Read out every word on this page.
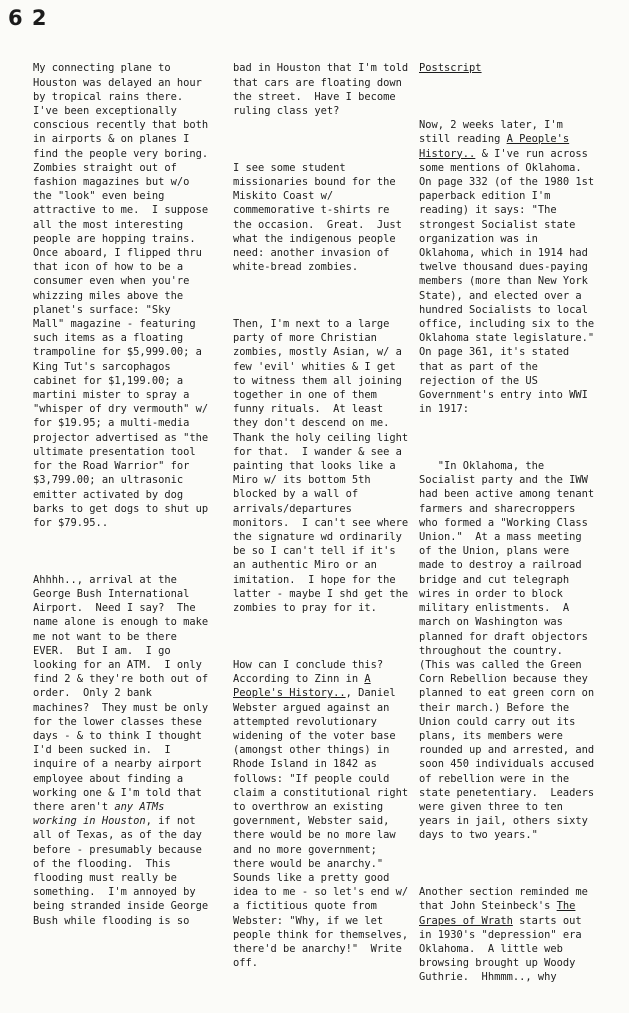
6 2

My connecting plane to
Houston was delayed an hour
by tropical rains there.
I've been exceptionally
conscious recently that both
in airports & on planes I
find the people very boring.
Zombies straight out of
fashion magazines but w/o
the "look" even being
attractive to me.  I suppose
all the most interesting
people are hopping trains.
Once aboard, I flipped thru
that icon of how to be a
consumer even when you're
whizzing miles above the
planet's surface: "Sky
Mall" magazine - featuring
such items as a floating
trampoline for $5,999.00; a
King Tut's sarcophagos
cabinet for $1,199.00; a
martini mister to spray a
"whisper of dry vermouth" w/
for $19.95; a multi-media
projector advertised as "the
ultimate presentation tool
for the Road Warrior" for
$3,799.00; an ultrasonic
emitter activated by dog
barks to get dogs to shut up
for $79.95..

Ahhhh.., arrival at the
George Bush International
Airport.  Need I say?  The
name alone is enough to make
me not want to be there
EVER.  But I am.  I go
looking for an ATM.  I only
find 2 & they're both out of
order.  Only 2 bank
machines?  They must be only
for the lower classes these
days - & to think I thought
I'd been sucked in.  I
inquire of a nearby airport
employee about finding a
working one & I'm told that
there aren't any ATMs
working in Houston, if not
all of Texas, as of the day
before - presumably because
of the flooding.  This
flooding must really be
something.  I'm annoyed by
being stranded inside George
Bush while flooding is so

bad in Houston that I'm told
that cars are floating down
the street.  Have I become
ruling class yet?

I see some student
missionaries bound for the
Miskito Coast w/
commemorative t-shirts re
the occasion.  Great.  Just
what the indigenous people
need: another invasion of
white-bread zombies.

Then, I'm next to a large
party of more Christian
zombies, mostly Asian, w/ a
few 'evil' whities & I get
to witness them all joining
together in one of them
funny rituals.  At least
they don't descend on me.
Thank the holy ceiling light
for that.  I wander & see a
painting that looks like a
Miro w/ its bottom 5th
blocked by a wall of
arrivals/departures
monitors.  I can't see where
the signature wd ordinarily
be so I can't tell if it's
an authentic Miro or an
imitation.  I hope for the
latter - maybe I shd get the
zombies to pray for it.

How can I conclude this?
According to Zinn in A
People's History.., Daniel
Webster argued against an
attempted revolutionary
widening of the voter base
(amongst other things) in
Rhode Island in 1842 as
follows: "If people could
claim a constitutional right
to overthrow an existing
government, Webster said,
there would be no more law
and no more government;
there would be anarchy."
Sounds like a pretty good
idea to me - so let's end w/
a fictitious quote from
Webster: "Why, if we let
people think for themselves,
there'd be anarchy!"  Write
off.

Postscript

Now, 2 weeks later, I'm
still reading A People's
History.. & I've run across
some mentions of Oklahoma.
On page 332 (of the 1980 1st
paperback edition I'm
reading) it says: "The
strongest Socialist state
organization was in
Oklahoma, which in 1914 had
twelve thousand dues-paying
members (more than New York
State), and elected over a
hundred Socialists to local
office, including six to the
Oklahoma state legislature."
On page 361, it's stated
that as part of the
rejection of the US
Government's entry into WWI
in 1917:

"In Oklahoma, the
Socialist party and the IWW
had been active among tenant
farmers and sharecroppers
who formed a "Working Class
Union."  At a mass meeting
of the Union, plans were
made to destroy a railroad
bridge and cut telegraph
wires in order to block
military enlistments.  A
march on Washington was
planned for draft objectors
throughout the country.
(This was called the Green
Corn Rebellion because they
planned to eat green corn on
their march.) Before the
Union could carry out its
plans, its members were
rounded up and arrested, and
soon 450 individuals accused
of rebellion were in the
state penetentiary.  Leaders
were given three to ten
years in jail, others sixty
days to two years."

Another section reminded me
that John Steinbeck's The
Grapes of Wrath starts out
in 1930's "depression" era
Oklahoma.  A little web
browsing brought up Woody
Guthrie.  Hhmmm.., why
